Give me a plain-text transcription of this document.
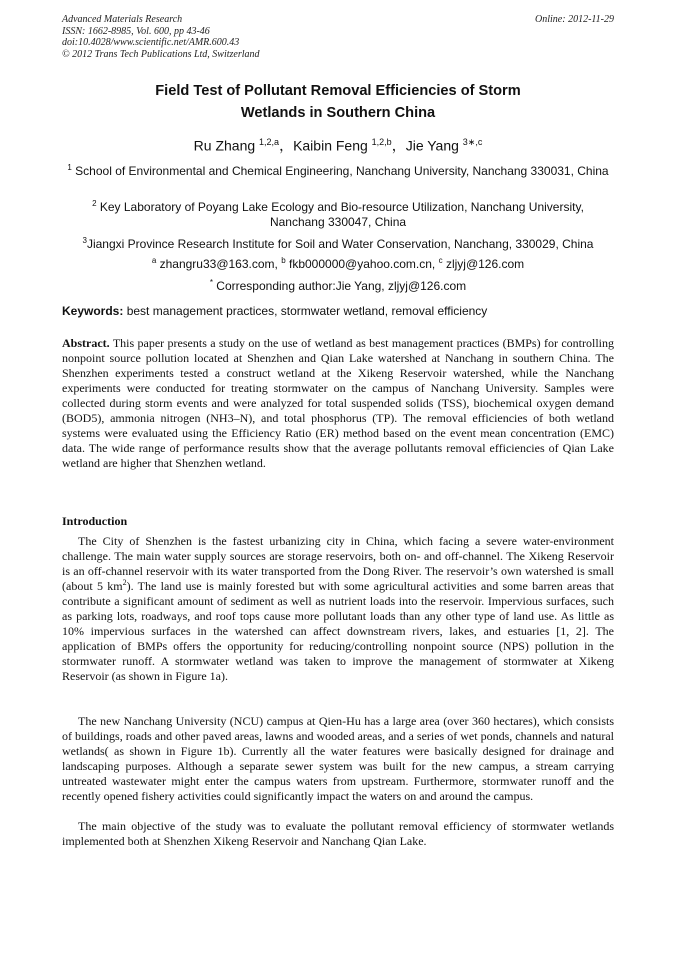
Advanced Materials Research
ISSN: 1662-8985, Vol. 600, pp 43-46
doi:10.4028/www.scientific.net/AMR.600.43
© 2012 Trans Tech Publications Ltd, Switzerland
Online: 2012-11-29
Field Test of Pollutant Removal Efficiencies of Storm
Wetlands in Southern China
Ru Zhang $^{1,2,a}$，Kaibin Feng $^{1,2,b}$，Jie Yang $^{3∗,c}$
$^1$ School of Environmental and Chemical Engineering, Nanchang University, Nanchang 330031, China
$^2$ Key Laboratory of Poyang Lake Ecology and Bio-resource Utilization, Nanchang University, Nanchang 330047, China
$^3$Jiangxi Province Research Institute for Soil and Water Conservation, Nanchang, 330029, China
$^a$ zhangru33@163.com, $^b$ fkb000000@yahoo.com.cn, $^c$ zljyj@126.com
* Corresponding author:Jie Yang, zljyj@126.com
Keywords: best management practices, stormwater wetland, removal efficiency
Abstract. This paper presents a study on the use of wetland as best management practices (BMPs) for controlling nonpoint source pollution located at Shenzhen and Qian Lake watershed at Nanchang in southern China. The Shenzhen experiments tested a construct wetland at the Xikeng Reservoir watershed, while the Nanchang experiments were conducted for treating stormwater on the campus of Nanchang University. Samples were collected during storm events and were analyzed for total suspended solids (TSS), biochemical oxygen demand (BOD5), ammonia nitrogen (NH3–N), and total phosphorus (TP). The removal efficiencies of both wetland systems were evaluated using the Efficiency Ratio (ER) method based on the event mean concentration (EMC) data. The wide range of performance results show that the average pollutants removal efficiencies of Qian Lake wetland are higher that Shenzhen wetland.
Introduction
The City of Shenzhen is the fastest urbanizing city in China, which facing a severe water-environment challenge. The main water supply sources are storage reservoirs, both on- and off-channel. The Xikeng Reservoir is an off-channel reservoir with its water transported from the Dong River. The reservoir’s own watershed is small (about 5 $km^2$). The land use is mainly forested but with some agricultural activities and some barren areas that contribute a significant amount of sediment as well as nutrient loads into the reservoir. Impervious surfaces, such as parking lots, roadways, and roof tops cause more pollutant loads than any other type of land use. As little as 10% impervious surfaces in the watershed can affect downstream rivers, lakes, and estuaries [1, 2]. The application of BMPs offers the opportunity for reducing/controlling nonpoint source (NPS) pollution in the stormwater runoff. A stormwater wetland was taken to improve the management of stormwater at Xikeng Reservoir (as shown in Figure 1a).
The new Nanchang University (NCU) campus at Qien-Hu has a large area (over 360 hectares), which consists of buildings, roads and other paved areas, lawns and wooded areas, and a series of wet ponds, channels and natural wetlands( as shown in Figure 1b). Currently all the water features were basically designed for drainage and landscaping purposes. Although a separate sewer system was built for the new campus, a stream carrying untreated wastewater might enter the campus waters from upstream. Furthermore, stormwater runoff and the recently opened fishery activities could significantly impact the waters on and around the campus.
The main objective of the study was to evaluate the pollutant removal efficiency of stormwater wetlands implemented both at Shenzhen Xikeng Reservoir and Nanchang Qian Lake.
